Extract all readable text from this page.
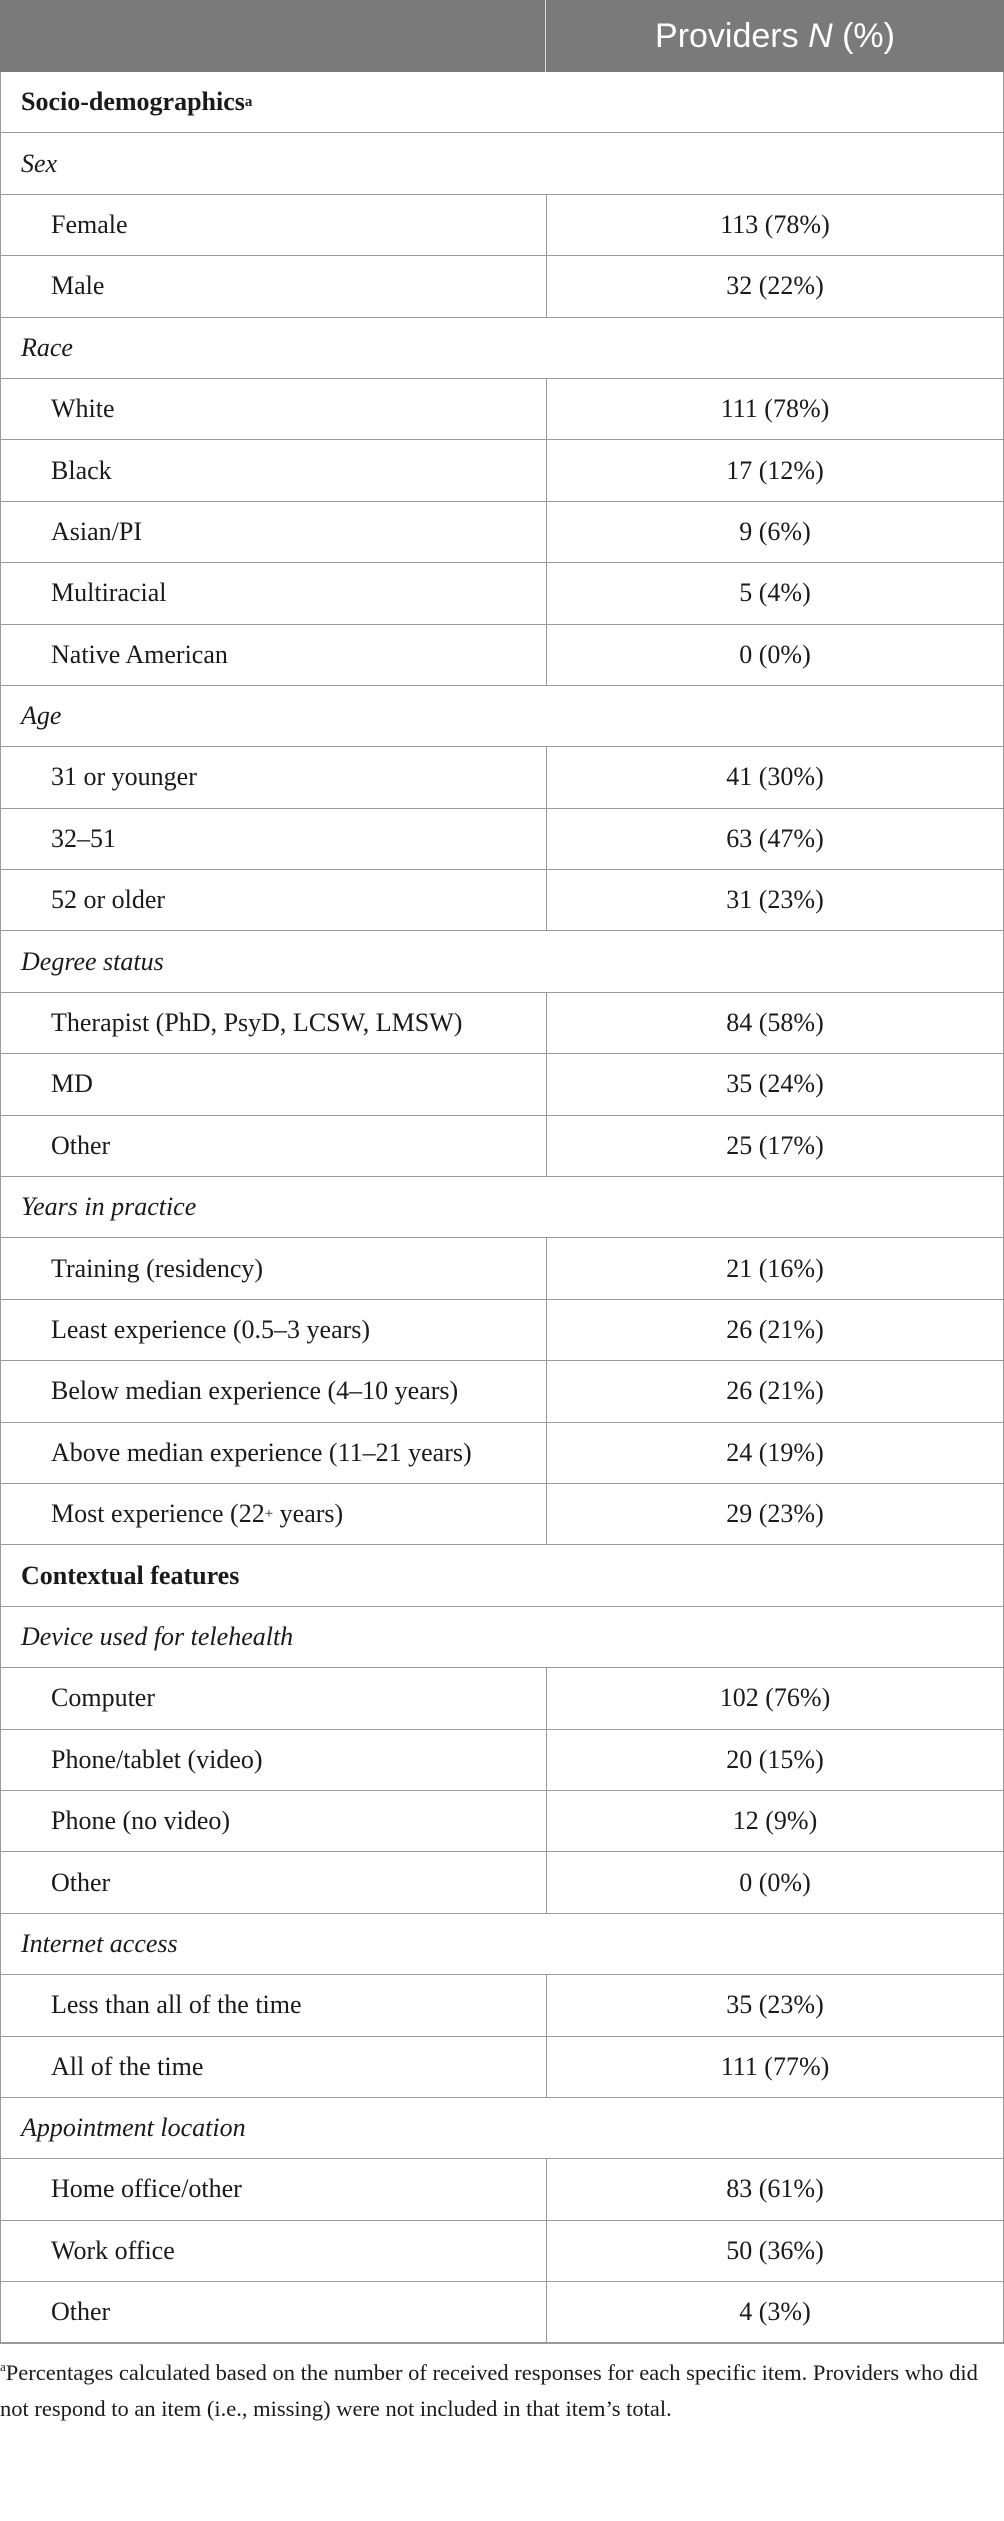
Providers N (%)
Socio-demographics a
Sex
Female	113 (78%)
Male	32 (22%)
Race
White	111 (78%)
Black	17 (12%)
Asian/PI	9 (6%)
Multiracial	5 (4%)
Native American	0 (0%)
Age
31 or younger	41 (30%)
32–51	63 (47%)
52 or older	31 (23%)
Degree status
Therapist (PhD, PsyD, LCSW, LMSW)	84 (58%)
MD	35 (24%)
Other	25 (17%)
Years in practice
Training (residency)	21 (16%)
Least experience (0.5–3 years)	26 (21%)
Below median experience (4–10 years)	26 (21%)
Above median experience (11–21 years)	24 (19%)
Most experience (22 + years)	29 (23%)
Contextual features
Device used for telehealth
Computer	102 (76%)
Phone/tablet (video)	20 (15%)
Phone (no video)	12 (9%)
Other	0 (0%)
Internet access
Less than all of the time	35 (23%)
All of the time	111 (77%)
Appointment location
Home office/other	83 (61%)
Work office	50 (36%)
Other	4 (3%)
$^a$Percentages calculated based on the number of received responses for each specific item. Providers who did not respond to an item (i.e., missing) were not included in that item’s total.
